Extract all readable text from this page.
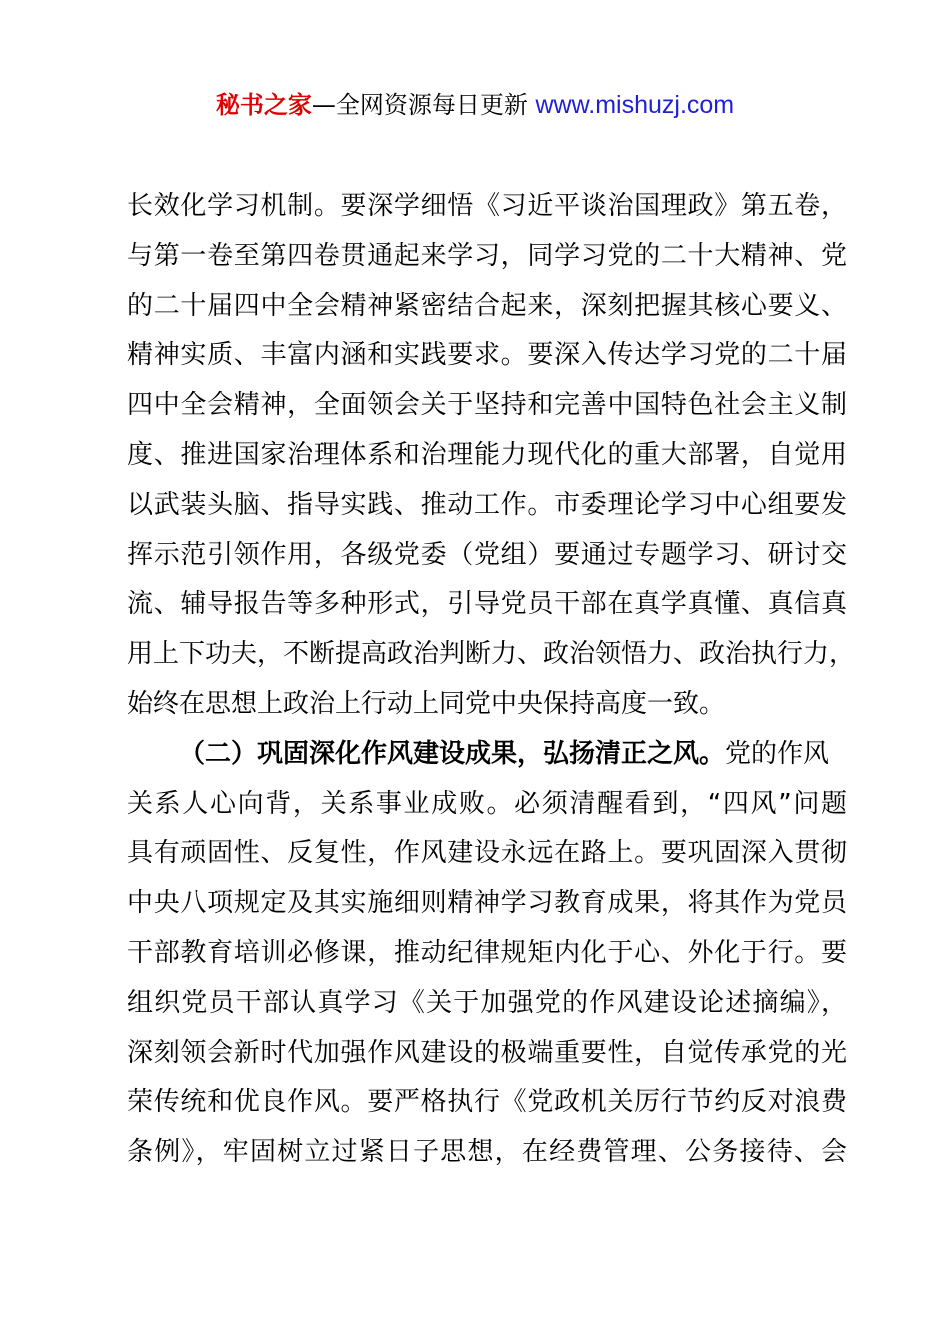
秘书之家—全网资源每日更新 www.mishuzj.com
长效化学习机制。要深学细悟《习近平谈治国理政》第五卷，
与第一卷至第四卷贯通起来学习，同学习党的二十大精神、党
的二十届四中全会精神紧密结合起来，深刻把握其核心要义、
精神实质、丰富内涵和实践要求。要深入传达学习党的二十届
四中全会精神，全面领会关于坚持和完善中国特色社会主义制
度、推进国家治理体系和治理能力现代化的重大部署，自觉用
以武装头脑、指导实践、推动工作。市委理论学习中心组要发
挥示范引领作用，各级党委（党组）要通过专题学习、研讨交
流、辅导报告等多种形式，引导党员干部在真学真懂、真信真
用上下功夫，不断提高政治判断力、政治领悟力、政治执行力，
始终在思想上政治上行动上同党中央保持高度一致。
（二）巩固深化作风建设成果，弘扬清正之风。党的作风
关系人心向背，关系事业成败。必须清醒看到，“四风”问题
具有顽固性、反复性，作风建设永远在路上。要巩固深入贯彻
中央八项规定及其实施细则精神学习教育成果，将其作为党员
干部教育培训必修课，推动纪律规矩内化于心、外化于行。要
组织党员干部认真学习《关于加强党的作风建设论述摘编》，
深刻领会新时代加强作风建设的极端重要性，自觉传承党的光
荣传统和优良作风。要严格执行《党政机关厉行节约反对浪费
条例》，牢固树立过紧日子思想，在经费管理、公务接待、会
